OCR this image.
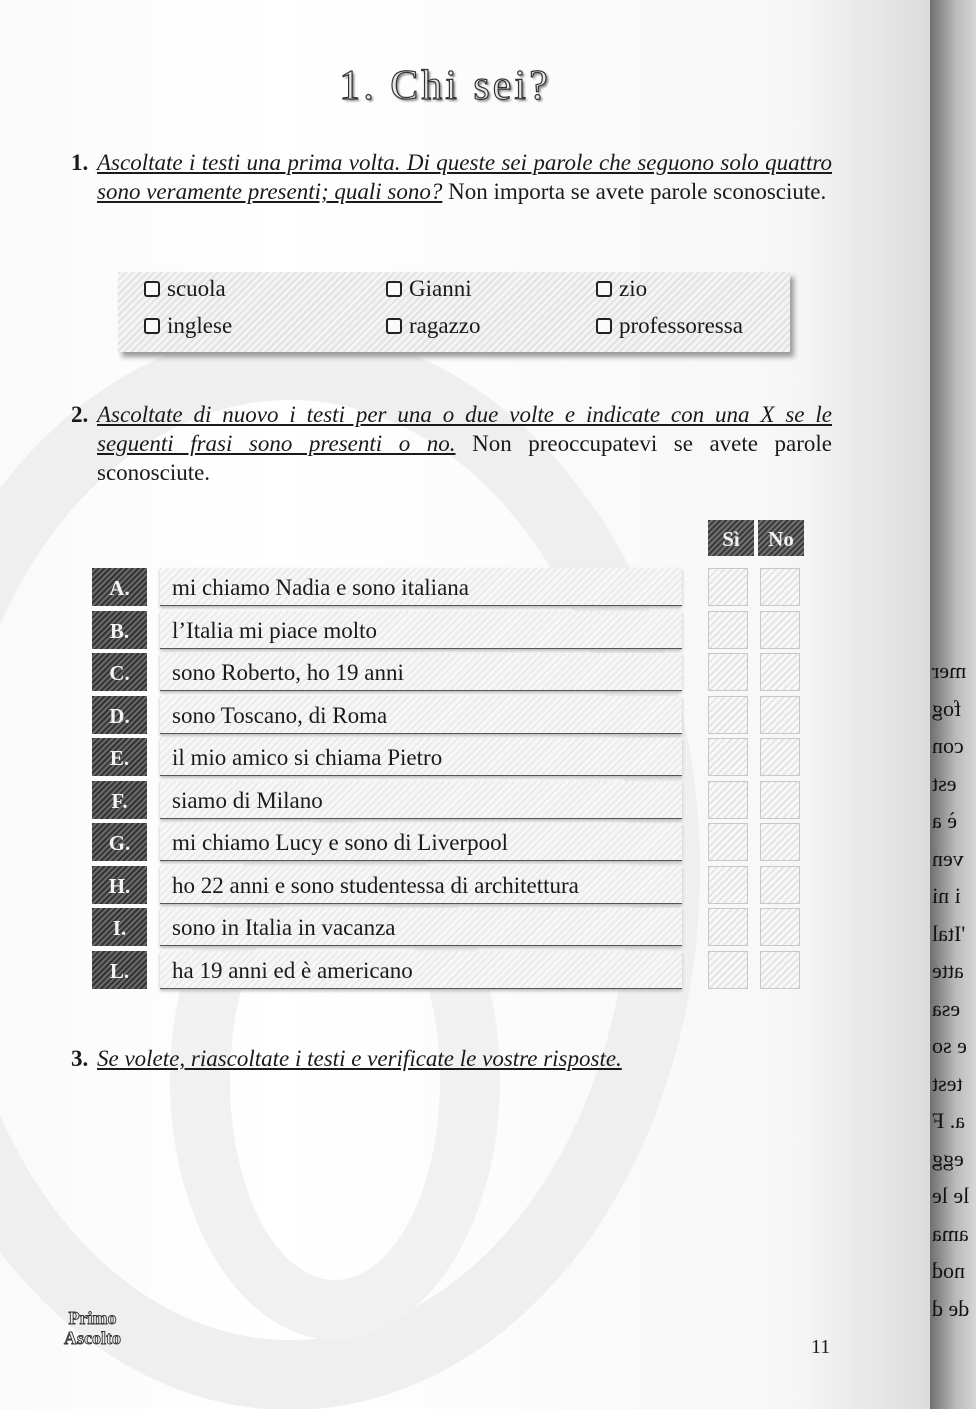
1. Chi sei?
1. Ascoltate i testi una prima volta. Di queste sei parole che seguono solo quattro sono veramente presenti; quali sono? Non importa se avete parole sconosciute.
scuola	Gianni	zio
inglese	ragazzo	professoressa
2. Ascoltate di nuovo i testi per una o due volte e indicate con una X se le seguenti frasi sono presenti o no. Non preoccupatevi se avete parole sconosciute.
Sì	No
A.	mi chiamo Nadia e sono italiana
B.	l’Italia mi piace molto
C.	sono Roberto, ho 19 anni
D.	sono Toscano, di Roma
E.	il mio amico si chiama Pietro
F.	siamo di Milano
G.	mi chiamo Lucy e sono di Liverpool
H.	ho 22 anni e sono studentessa di architettura
I.	sono in Italia in vacanza
L.	ha 19 anni ed è americano
3. Se volete, riascoltate i testi e verificate le vostre risposte.
Primo
Ascolto	11
mer
fog
con
est
è a
ven
i ni
'Ital
atte
esa
e so
test
a. F
egg
le le
ama
nod
de d
